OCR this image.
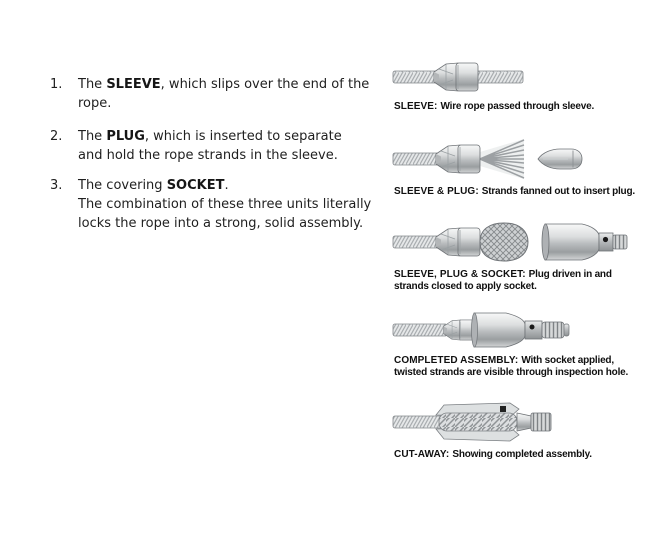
1.	The SLEEVE, which slips over the end of the rope.
2.	The PLUG, which is inserted to separate and hold the rope strands in the sleeve.
3.	The covering SOCKET.
The combination of these three units literally locks the rope into a strong, solid assembly.

SLEEVE: Wire rope passed through sleeve.

SLEEVE & PLUG: Strands fanned out to insert plug.

SLEEVE, PLUG & SOCKET: Plug driven in and strands closed to apply socket.

COMPLETED ASSEMBLY: With socket applied, twisted strands are visible through inspection hole.

CUT-AWAY: Showing completed assembly.
